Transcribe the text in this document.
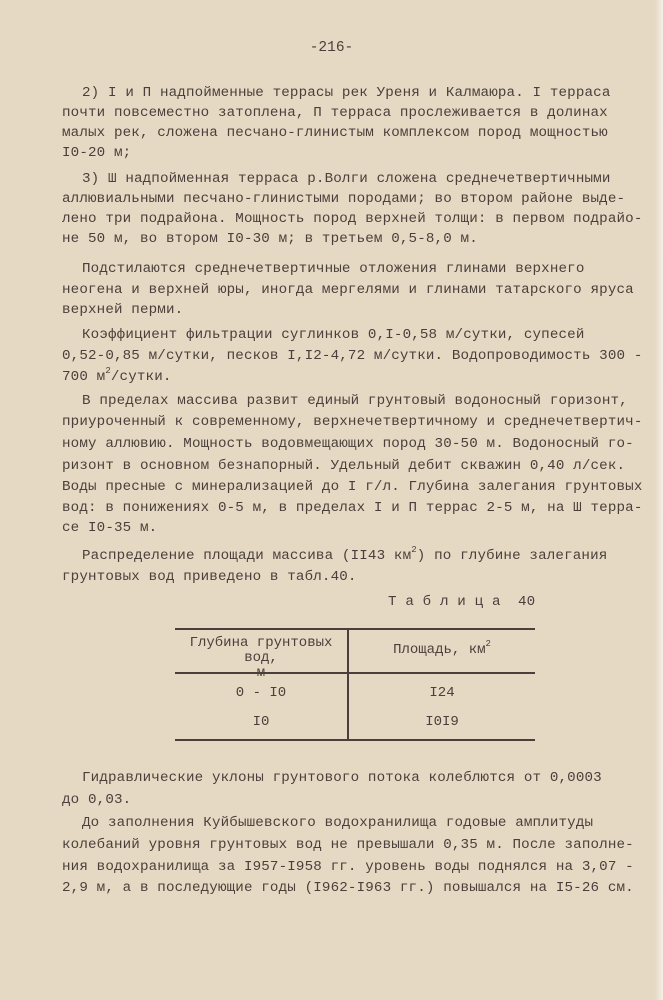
-216-
2) I и П надпойменные террасы рек Уреня и Калмаюра. I терраса
почти повсеместно затоплена, П терраса прослеживается в долинах
малых рек, сложена песчано-глинистым комплексом пород мощностью
I0-20 м;
3) Ш надпойменная терраса р.Волги сложена среднечетвертичными
аллювиальными песчано-глинистыми породами; во втором районе выде-
лено три подрайона. Мощность пород верхней толщи: в первом подрайо-
не 50 м, во втором I0-30 м; в третьем 0,5-8,0 м.
Подстилаются среднечетвертичные отложения глинами верхнего
неогена и верхней юры, иногда мергелями и глинами татарского яруса
верхней перми.
Коэффициент фильтрации суглинков 0,I-0,58 м/сутки, супесей
0,52-0,85 м/сутки, песков I,I2-4,72 м/сутки. Водопроводимость 300 -
700 $м^2$/сутки.
В пределах массива развит единый грунтовый водоносный горизонт,
приуроченный к современному, верхнечетвертичному и среднечетвертич-
ному аллювию. Мощность водовмещающих пород 30-50 м. Водоносный го-
ризонт в основном безнапорный. Удельный дебит скважин 0,40 л/сек.
Воды пресные с минерализацией до I г/л. Глубина залегания грунтовых
вод: в понижениях 0-5 м, в пределах I и П террас 2-5 м, на Ш терра-
се I0-35 м.
Распределение площади массива (II43 $км^2$) по глубине залегания
грунтовых вод приведено в табл.40.
Т а б л и ц а  40
Глубина грунтовых вод,
м
Площадь, $км^2$
0 - I0	I24
I0	I0I9
Гидравлические уклоны грунтового потока колеблются от 0,0003
до 0,03.
До заполнения Куйбышевского водохранилища годовые амплитуды
колебаний уровня грунтовых вод не превышали 0,35 м. После заполне-
ния водохранилища за I957-I958 гг. уровень воды поднялся на 3,07 -
2,9 м, а в последующие годы (I962-I963 гг.) повышался на I5-26 см.
